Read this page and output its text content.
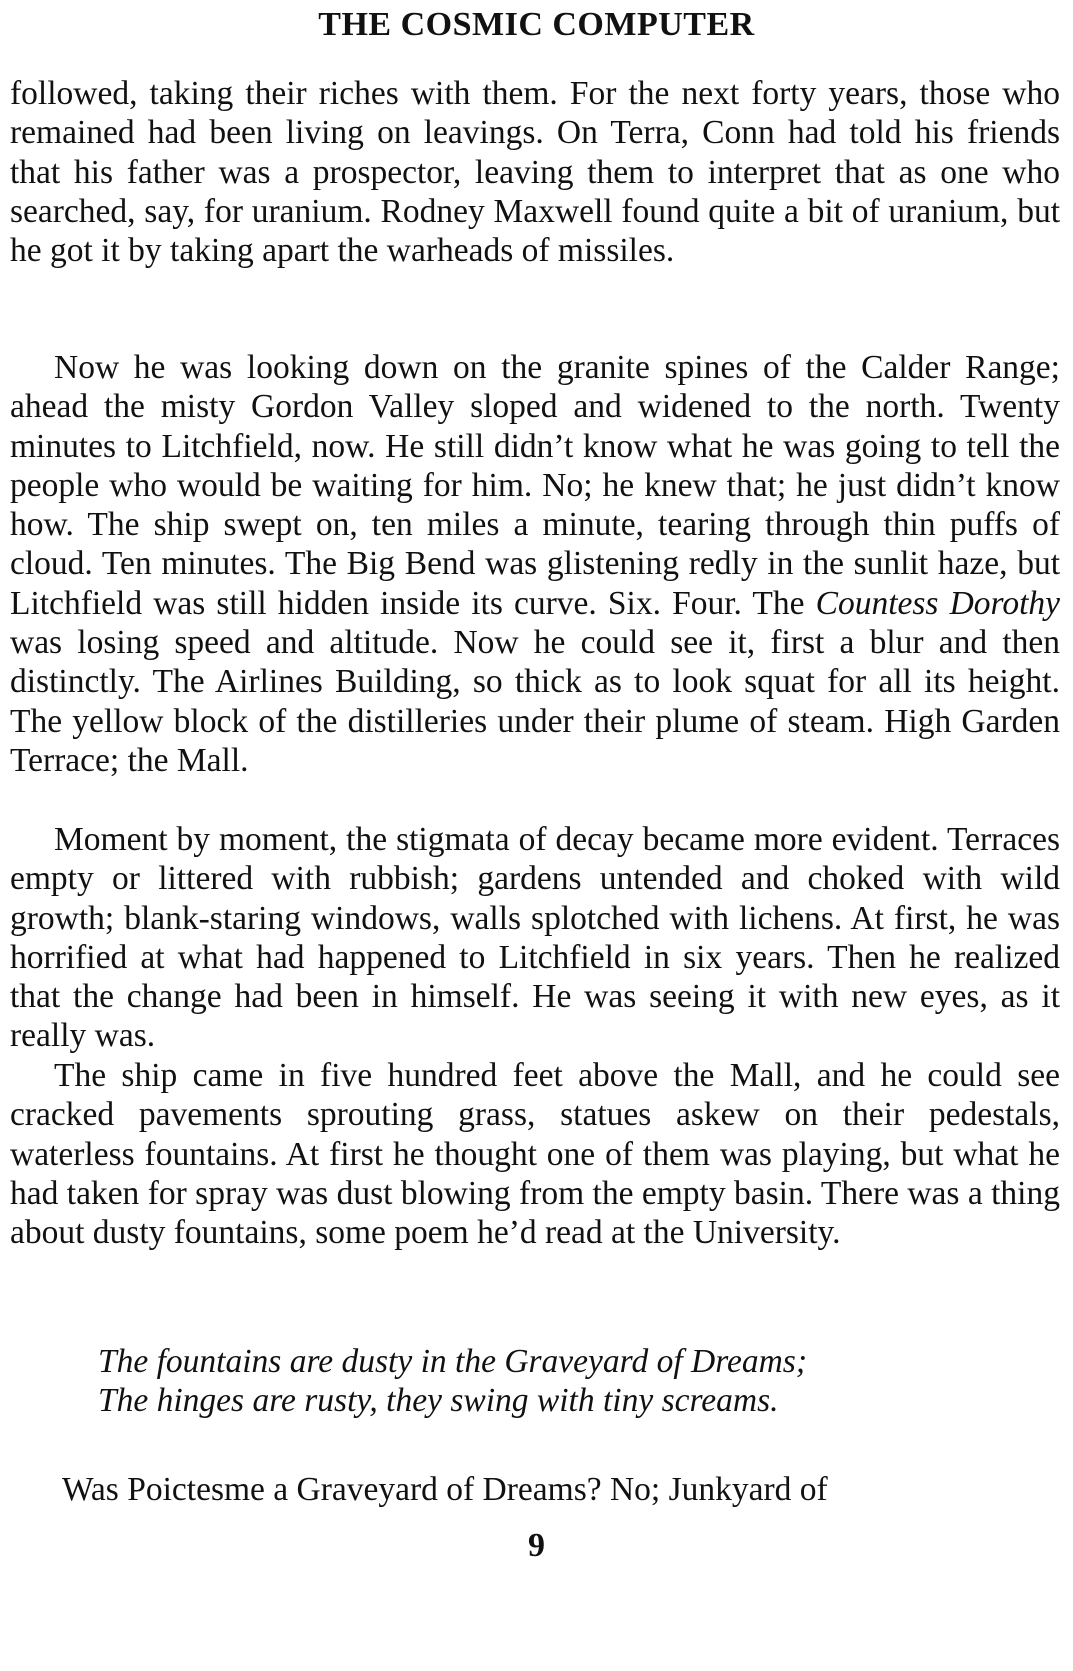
THE COSMIC COMPUTER
followed, taking their riches with them. For the next forty years, those who remained had been living on leavings. On Terra, Conn had told his friends that his father was a prospector, leaving them to interpret that as one who searched, say, for uranium. Rodney Maxwell found quite a bit of uranium, but he got it by taking apart the warheads of missiles.
Now he was looking down on the granite spines of the Calder Range; ahead the misty Gordon Valley sloped and widened to the north. Twenty minutes to Litchfield, now. He still didn’t know what he was going to tell the people who would be waiting for him. No; he knew that; he just didn’t know how. The ship swept on, ten miles a minute, tearing through thin puffs of cloud. Ten minutes. The Big Bend was glistening redly in the sunlit haze, but Litchfield was still hidden inside its curve. Six. Four. The Countess Dorothy was losing speed and altitude. Now he could see it, first a blur and then distinctly. The Airlines Building, so thick as to look squat for all its height. The yellow block of the distilleries under their plume of steam. High Garden Terrace; the Mall.
Moment by moment, the stigmata of decay became more evident. Terraces empty or littered with rubbish; gardens untended and choked with wild growth; blank-staring windows, walls splotched with lichens. At first, he was horrified at what had happened to Litchfield in six years. Then he realized that the change had been in himself. He was seeing it with new eyes, as it really was.
The ship came in five hundred feet above the Mall, and he could see cracked pavements sprouting grass, statues askew on their pedestals, waterless fountains. At first he thought one of them was playing, but what he had taken for spray was dust blowing from the empty basin. There was a thing about dusty fountains, some poem he’d read at the University.
The fountains are dusty in the Graveyard of Dreams;
The hinges are rusty, they swing with tiny screams.
Was Poictesme a Graveyard of Dreams? No; Junkyard of
9
